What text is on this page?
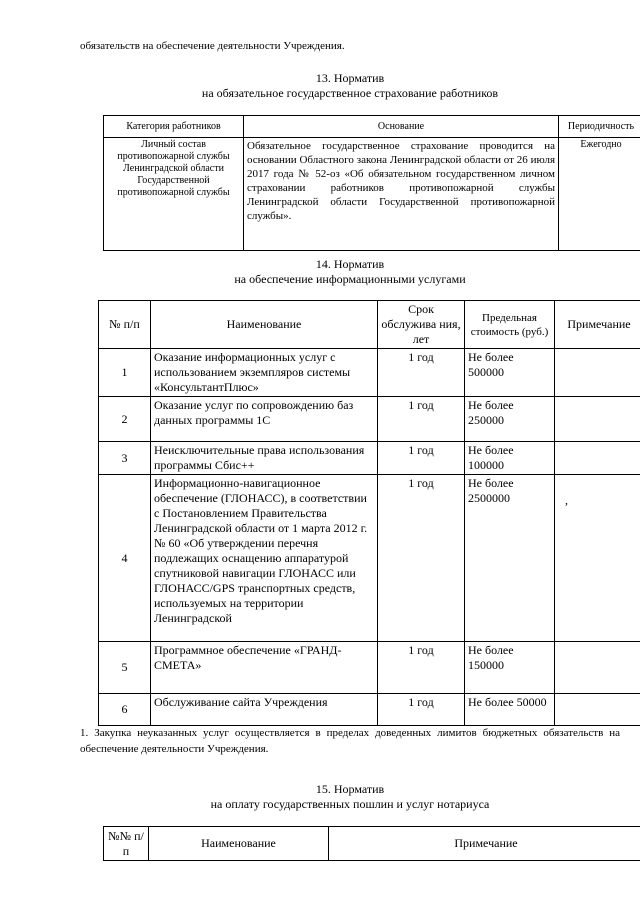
обязательств на обеспечение деятельности Учреждения.
13. Норматив
на обязательное государственное страхование работников
Категория работников	Основание	Периодичность
Личный состав противопожарной службы Ленинградской области Государственной противопожарной службы	Обязательное государственное страхование проводится на основании Областного закона Ленинградской области от 26 июля 2017 года № 52-оз «Об обязательном государственном личном страховании работников противопожарной службы Ленинградской области Государственной противопожарной службы».	Ежегодно
14. Норматив
на обеспечение информационными услугами
№ п/п	Наименование	Срок обслужива ния, лет	Предельная стоимость (руб.)	Примечание
1	Оказание информационных услуг с использованием экземпляров системы «КонсультантПлюс»	1 год	Не более 500000	
2	Оказание услуг по сопровождению баз данных программы 1С	1 год	Не более 250000	
3	Неисключительные права использования программы Сбис++	1 год	Не более 100000	
4	Информационно-навигационное обеспечение (ГЛОНАСС), в соответствии с Постановлением Правительства Ленинградской области от 1 марта 2012 г. № 60 «Об утверждении перечня подлежащих оснащению аппаратурой спутниковой навигации ГЛОНАСС или ГЛОНАСС/GPS транспортных средств, используемых на территории Ленинградской	1 год	Не более 2500000	,
5	Программное обеспечение «ГРАНД-СМЕТА»	1 год	Не более 150000	
6	Обслуживание сайта Учреждения	1 год	Не более 50000	
1. Закупка неуказанных услуг осуществляется в пределах доведенных лимитов бюджетных обязательств на обеспечение деятельности Учреждения.
15. Норматив
на оплату государственных пошлин и услуг нотариуса
№№ п/п	Наименование	Примечание
